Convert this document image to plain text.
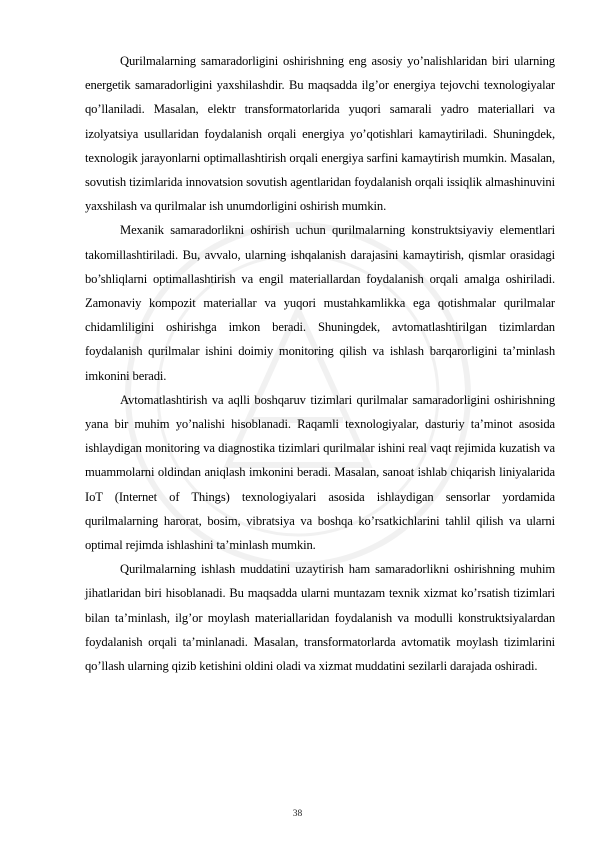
Qurilmalarning samaradorligini oshirishning eng asosiy yo’nalishlaridan biri ularning energetik samaradorligini yaxshilashdir. Bu maqsadda ilg’or energiya tejovchi texnologiyalar qo’llaniladi. Masalan, elektr transformatorlarida yuqori samarali yadro materiallari va izolyatsiya usullaridan foydalanish orqali energiya yo’qotishlari kamaytiriladi. Shuningdek, texnologik jarayonlarni optimallashtirish orqali energiya sarfini kamaytirish mumkin. Masalan, sovutish tizimlarida innovatsion sovutish agentlaridan foydalanish orqali issiqlik almashinuvini yaxshilash va qurilmalar ish unumdorligini oshirish mumkin.

Mexanik samaradorlikni oshirish uchun qurilmalarning konstruktsiyaviy elementlari takomillashtiriladi. Bu, avvalo, ularning ishqalanish darajasini kamaytirish, qismlar orasidagi bo’shliqlarni optimallashtirish va engil materiallardan foydalanish orqali amalga oshiriladi. Zamonaviy kompozit materiallar va yuqori mustahkamlikka ega qotishmalar qurilmalar chidamliligini oshirishga imkon beradi. Shuningdek, avtomatlashtirilgan tizimlardan foydalanish qurilmalar ishini doimiy monitoring qilish va ishlash barqarorligini ta’minlash imkonini beradi.

Avtomatlashtirish va aqlli boshqaruv tizimlari qurilmalar samaradorligini oshirishning yana bir muhim yo’nalishi hisoblanadi. Raqamli texnologiyalar, dasturiy ta’minot asosida ishlaydigan monitoring va diagnostika tizimlari qurilmalar ishini real vaqt rejimida kuzatish va muammolarni oldindan aniqlash imkonini beradi. Masalan, sanoat ishlab chiqarish liniyalarida IoT (Internet of Things) texnologiyalari asosida ishlaydigan sensorlar yordamida qurilmalarning harorat, bosim, vibratsiya va boshqa ko’rsatkichlarini tahlil qilish va ularni optimal rejimda ishlashini ta’minlash mumkin.

Qurilmalarning ishlash muddatini uzaytirish ham samaradorlikni oshirishning muhim jihatlaridan biri hisoblanadi. Bu maqsadda ularni muntazam texnik xizmat ko’rsatish tizimlari bilan ta’minlash, ilg’or moylash materiallaridan foydalanish va modulli konstruktsiyalardan foydalanish orqali ta’minlanadi. Masalan, transformatorlarda avtomatik moylash tizimlarini qo’llash ularning qizib ketishini oldini oladi va xizmat muddatini sezilarli darajada oshiradi.

38
